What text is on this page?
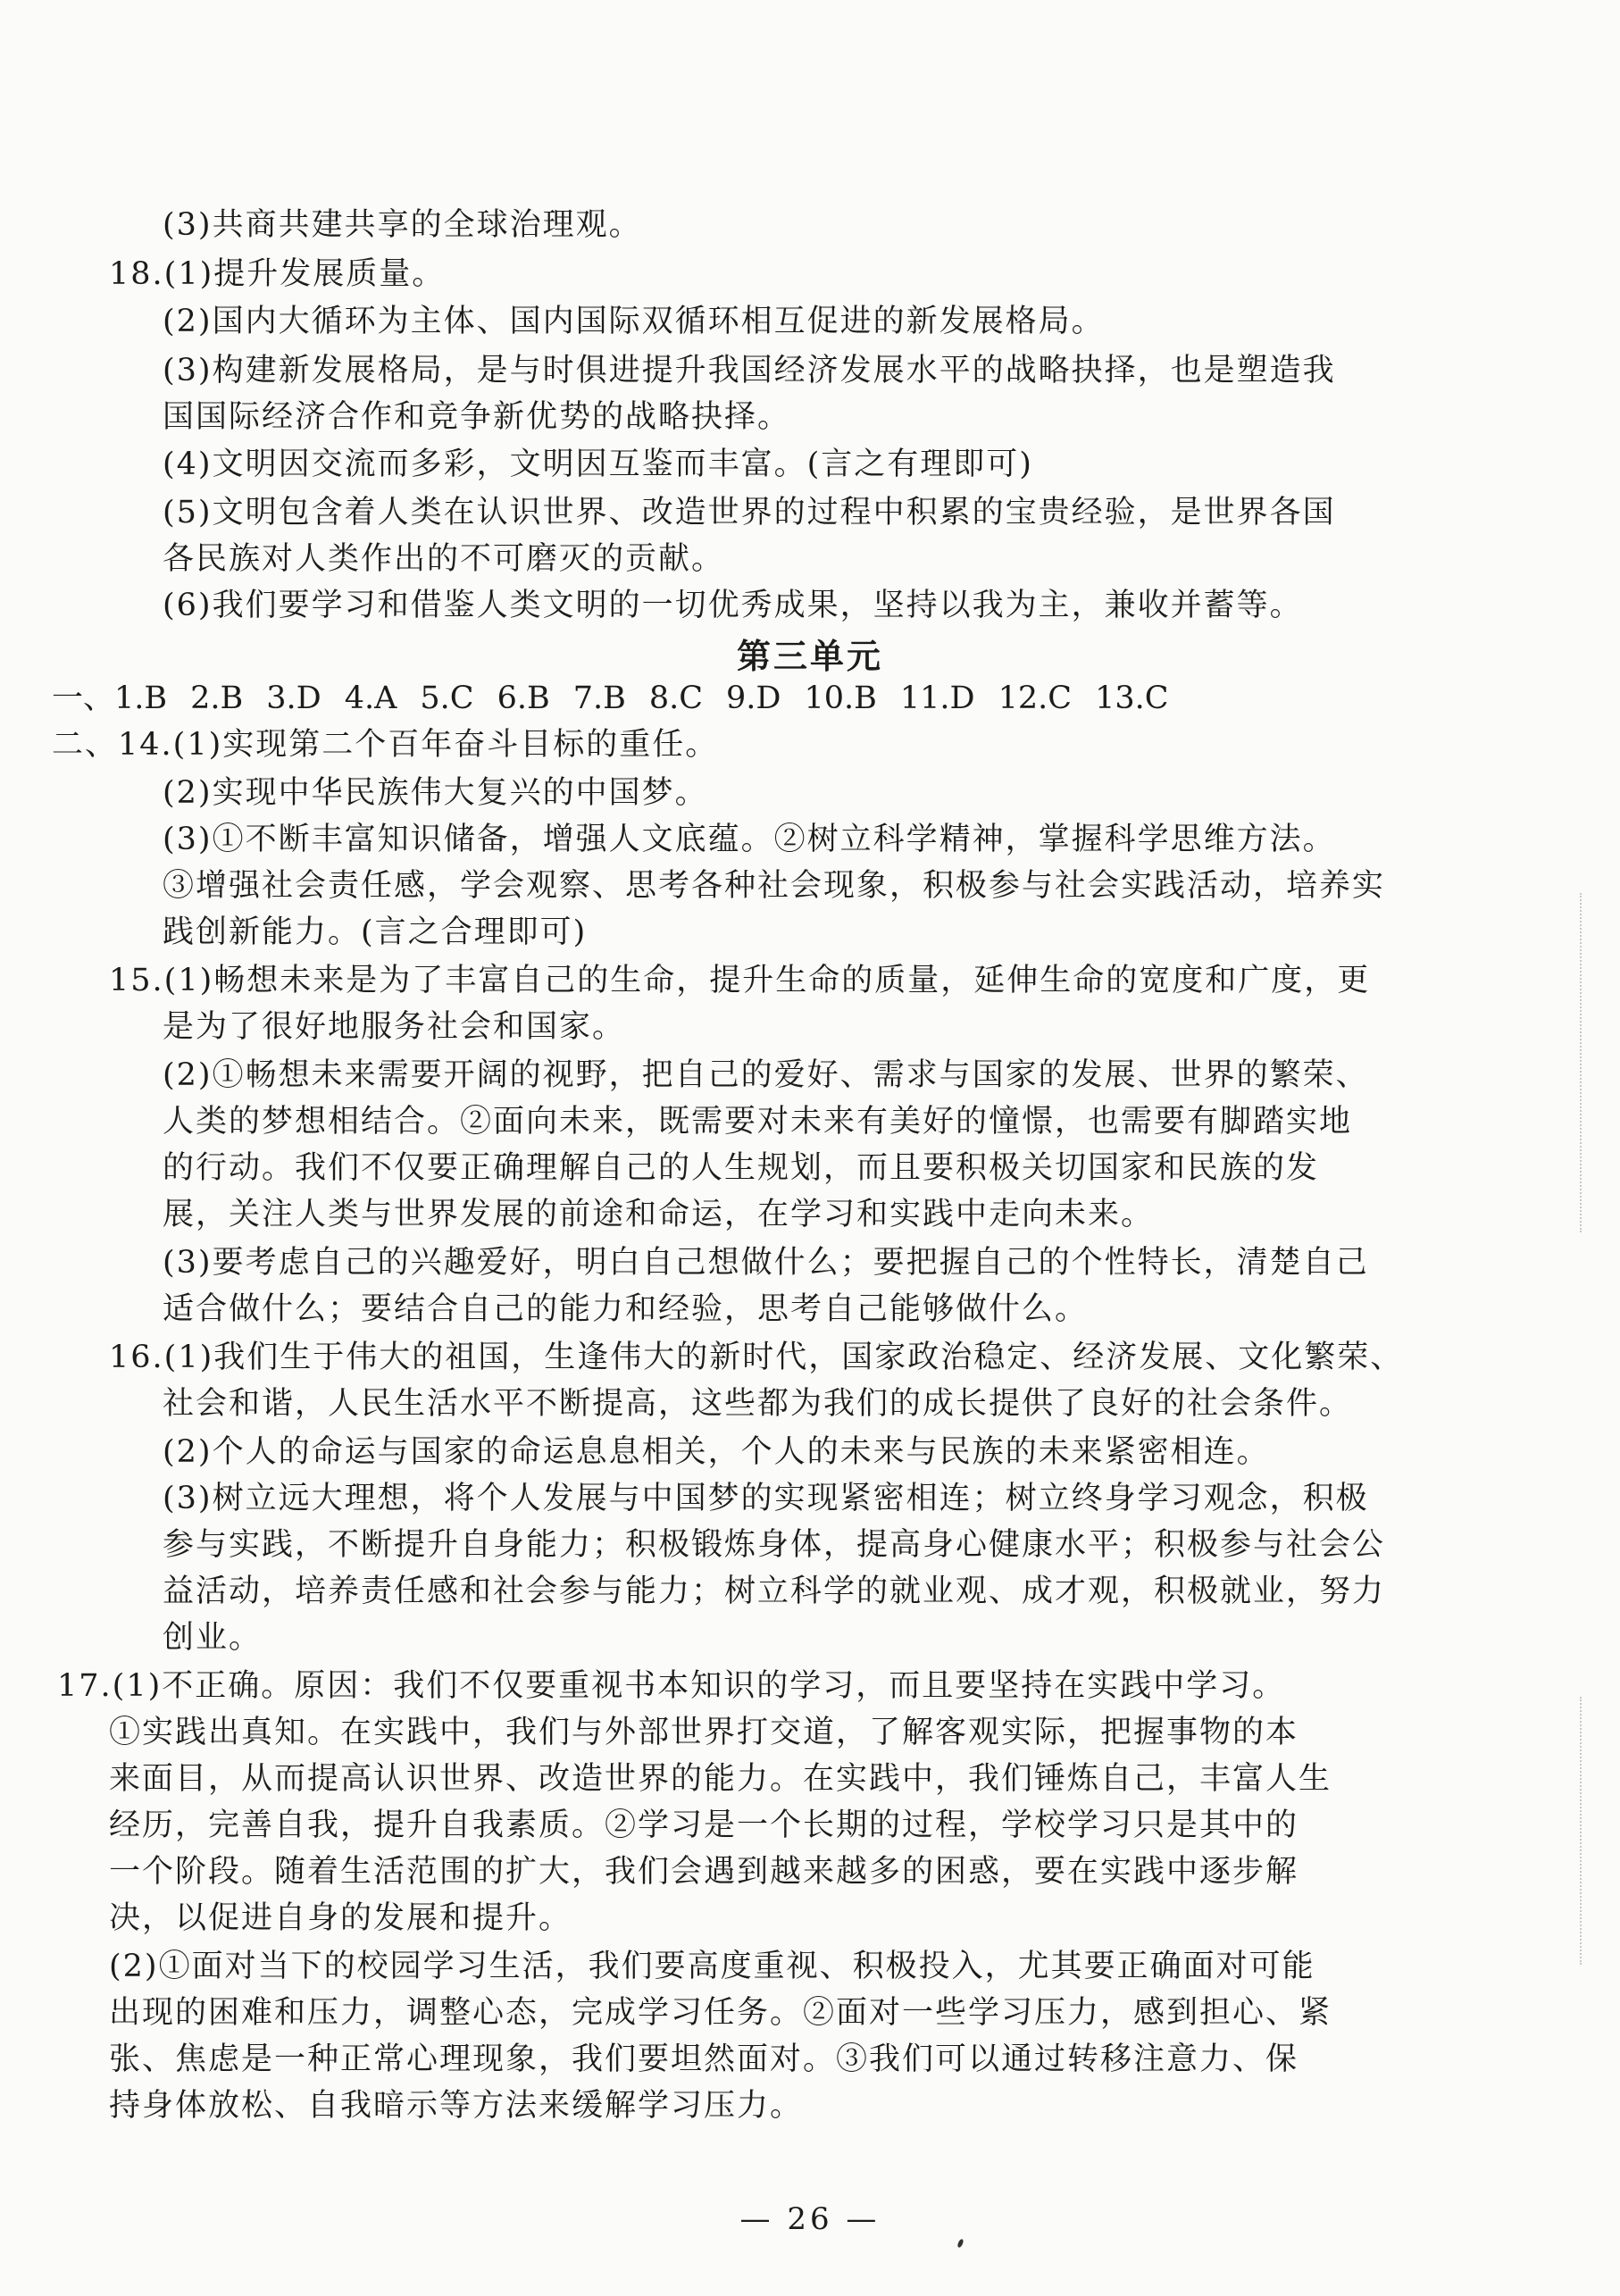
(3)共商共建共享的全球治理观。
18.(1)提升发展质量。
(2)国内大循环为主体、国内国际双循环相互促进的新发展格局。
(3)构建新发展格局，是与时俱进提升我国经济发展水平的战略抉择，也是塑造我
国国际经济合作和竞争新优势的战略抉择。
(4)文明因交流而多彩，文明因互鉴而丰富。(言之有理即可)
(5)文明包含着人类在认识世界、改造世界的过程中积累的宝贵经验，是世界各国
各民族对人类作出的不可磨灭的贡献。
(6)我们要学习和借鉴人类文明的一切优秀成果，坚持以我为主，兼收并蓄等。
二、14.(1)实现第二个百年奋斗目标的重任。
(2)实现中华民族伟大复兴的中国梦。
(3)①不断丰富知识储备，增强人文底蕴。②树立科学精神，掌握科学思维方法。
③增强社会责任感，学会观察、思考各种社会现象，积极参与社会实践活动，培养实
践创新能力。(言之合理即可)
15.(1)畅想未来是为了丰富自己的生命，提升生命的质量，延伸生命的宽度和广度，更
是为了很好地服务社会和国家。
(2)①畅想未来需要开阔的视野，把自己的爱好、需求与国家的发展、世界的繁荣、
人类的梦想相结合。②面向未来，既需要对未来有美好的憧憬，也需要有脚踏实地
的行动。我们不仅要正确理解自己的人生规划，而且要积极关切国家和民族的发
展，关注人类与世界发展的前途和命运，在学习和实践中走向未来。
(3)要考虑自己的兴趣爱好，明白自己想做什么；要把握自己的个性特长，清楚自己
适合做什么；要结合自己的能力和经验，思考自己能够做什么。
16.(1)我们生于伟大的祖国，生逢伟大的新时代，国家政治稳定、经济发展、文化繁荣、
社会和谐，人民生活水平不断提高，这些都为我们的成长提供了良好的社会条件。
(2)个人的命运与国家的命运息息相关，个人的未来与民族的未来紧密相连。
(3)树立远大理想，将个人发展与中国梦的实现紧密相连；树立终身学习观念，积极
参与实践，不断提升自身能力；积极锻炼身体，提高身心健康水平；积极参与社会公
益活动，培养责任感和社会参与能力；树立科学的就业观、成才观，积极就业，努力
创业。
17.(1)不正确。原因：我们不仅要重视书本知识的学习，而且要坚持在实践中学习。
①实践出真知。在实践中，我们与外部世界打交道，了解客观实际，把握事物的本
来面目，从而提高认识世界、改造世界的能力。在实践中，我们锤炼自己，丰富人生
经历，完善自我，提升自我素质。②学习是一个长期的过程，学校学习只是其中的
一个阶段。随着生活范围的扩大，我们会遇到越来越多的困惑，要在实践中逐步解
决，以促进自身的发展和提升。
(2)①面对当下的校园学习生活，我们要高度重视、积极投入，尤其要正确面对可能
出现的困难和压力，调整心态，完成学习任务。②面对一些学习压力，感到担心、紧
张、焦虑是一种正常心理现象，我们要坦然面对。③我们可以通过转移注意力、保
持身体放松、自我暗示等方法来缓解学习压力。
第三单元
一、1.B 2.B 3.D 4.A 5.C 6.B 7.B 8.C 9.D 10.B 11.D 12.C 13.C
— 26 —
